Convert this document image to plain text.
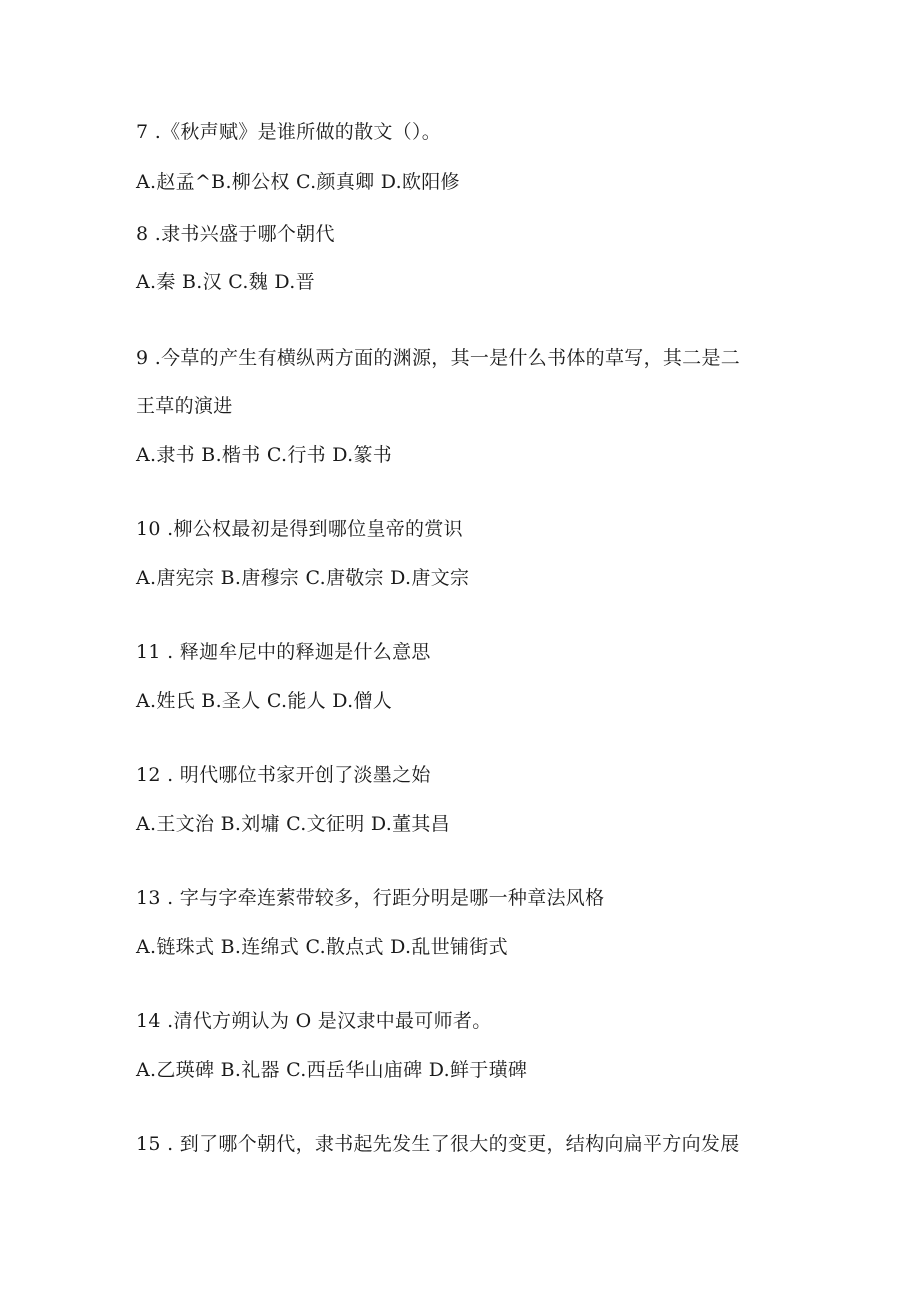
7 .《秋声赋》是谁所做的散文（）。
A.赵孟^B.柳公权 C.颜真卿 D.欧阳修
8 .隶书兴盛于哪个朝代
A.秦 B.汉 C.魏 D.晋
9 .今草的产生有横纵两方面的渊源，其一是什么书体的草写，其二是二
王草的演进
A.隶书 B.楷书 C.行书 D.篆书
10 .柳公权最初是得到哪位皇帝的赏识
A.唐宪宗 B.唐穆宗 C.唐敬宗 D.唐文宗
11 . 释迦牟尼中的释迦是什么意思
A.姓氏 B.圣人 C.能人 D.僧人
12 . 明代哪位书家开创了淡墨之始
A.王文治 B.刘墉 C.文征明 D.董其昌
13 . 字与字牵连萦带较多，行距分明是哪一种章法风格
A.链珠式 B.连绵式 C.散点式 D.乱世铺街式
14 .清代方朔认为 O 是汉隶中最可师者。
A.乙瑛碑 B.礼器 C.西岳华山庙碑 D.鲜于璜碑
15 . 到了哪个朝代，隶书起先发生了很大的变更，结构向扁平方向发展
